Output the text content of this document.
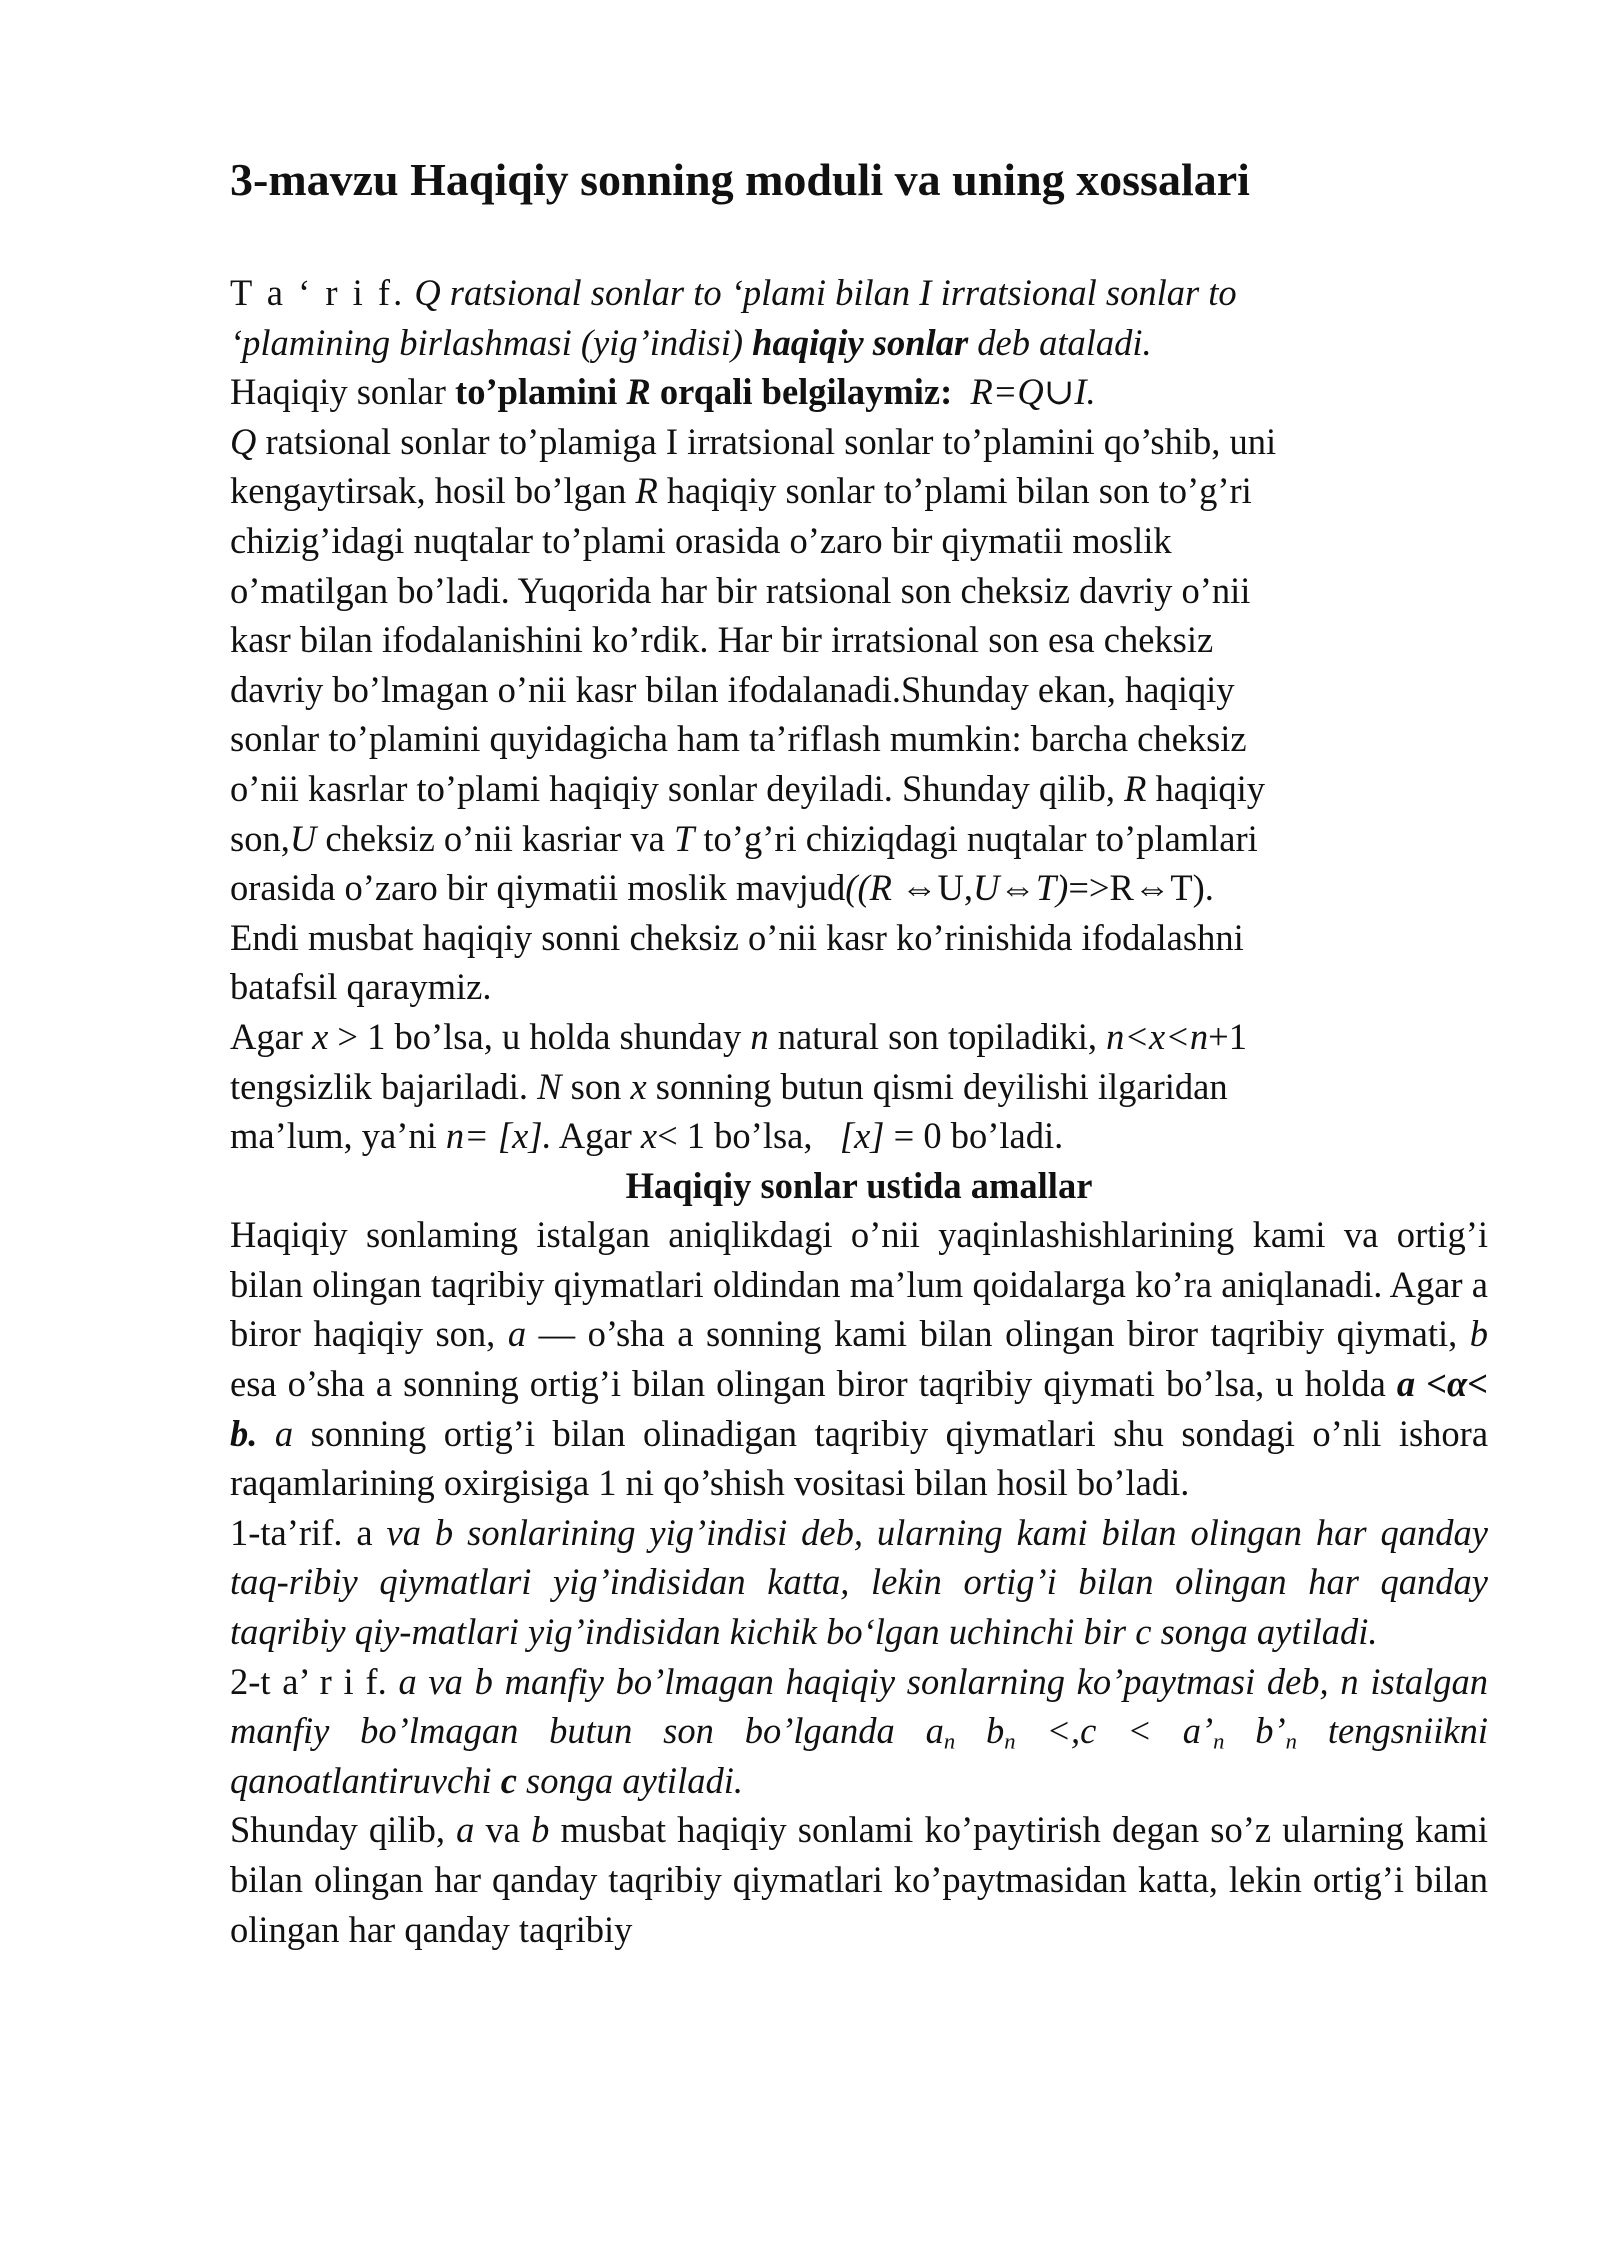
3-mavzu Haqiqiy sonning moduli va uning xossalari
T a ‘ r i f. Q ratsional sonlar to ‘plami bilan I irratsional sonlar to
‘plamining birlashmasi (yig’indisi) haqiqiy sonlar deb ataladi.
Haqiqiy sonlar to’plamini R orqali belgilaymiz: R=Q∪I.
Q ratsional sonlar to’plamiga I irratsional sonlar to’plamini qo’shib, uni
kengaytirsak, hosil bo’lgan R haqiqiy sonlar to’plami bilan son to’g’ri
chizig’idagi nuqtalar to’plami orasida o’zaro bir qiymatii moslik
o’matilgan bo’ladi. Yuqorida har bir ratsional son cheksiz davriy o’nii
kasr bilan ifodalanishini ko’rdik. Har bir irratsional son esa cheksiz
davriy bo’lmagan o’nii kasr bilan ifodalanadi.Shunday ekan, haqiqiy
sonlar to’plamini quyidagicha ham ta’riflash mumkin: barcha cheksiz
o’nii kasrlar to’plami haqiqiy sonlar deyiladi. Shunday qilib, R haqiqiy
son,U cheksiz o’nii kasriar va T to’g’ri chiziqdagi nuqtalar to’plamlari
orasida o’zaro bir qiymatii moslik mavjud((R ⇔U,U⇔T)=>R⇔T).
Endi musbat haqiqiy sonni cheksiz o’nii kasr ko’rinishida ifodalashni
batafsil qaraymiz.
Agar x > 1 bo’lsa, u holda shunday n natural son topiladiki, n<x<n+1
tengsizlik bajariladi. N son x sonning butun qismi deyilishi ilgaridan
ma’lum, ya’ni n= [x]. Agar x< 1 bo’lsa, [x] = 0 bo’ladi.
Haqiqiy sonlar ustida amallar

Haqiqiy sonlaming istalgan aniqlikdagi o’nii yaqinlashishlarining kami va ortig’i bilan olingan taqribiy qiymatlari oldindan ma’lum qoidalarga ko’ra aniqlanadi. Agar a biror haqiqiy son, a — o’sha a sonning kami bilan olingan biror taqribiy qiymati, b esa o’sha a sonning ortig’i bilan olingan biror taqribiy qiymati bo’lsa, u holda a <α< b. a sonning ortig’i bilan olinadigan taqribiy qiymatlari shu sondagi o’nli ishora raqamlarining oxirgisiga 1 ni qo’shish vositasi bilan hosil bo’ladi.

1-ta’rif. a va b sonlarining yig’indisi deb, ularning kami bilan olingan har qanday taq-ribiy qiymatlari yig’indisidan katta, lekin ortig’i bilan olingan har qanday taqribiy qiy-matlari yig’indisidan kichik bo‘lgan uchinchi bir c songa aytiladi.

2-t a’ r i f. a va b manfiy bo’lmagan haqiqiy sonlarning ko’paytmasi deb, n istalgan manfiy bo’lmagan butun son bo’lganda $a_n$ $b_n <,c$ < $a’_n$ $b’_n$ tengsniikni qanoatlantiruvchi c songa aytiladi.

Shunday qilib, a va b musbat haqiqiy sonlami ko’paytirish degan so’z ularning kami bilan olingan har qanday taqribiy qiymatlari ko’paytmasidan katta, lekin ortig’i bilan olingan har qanday taqribiy
